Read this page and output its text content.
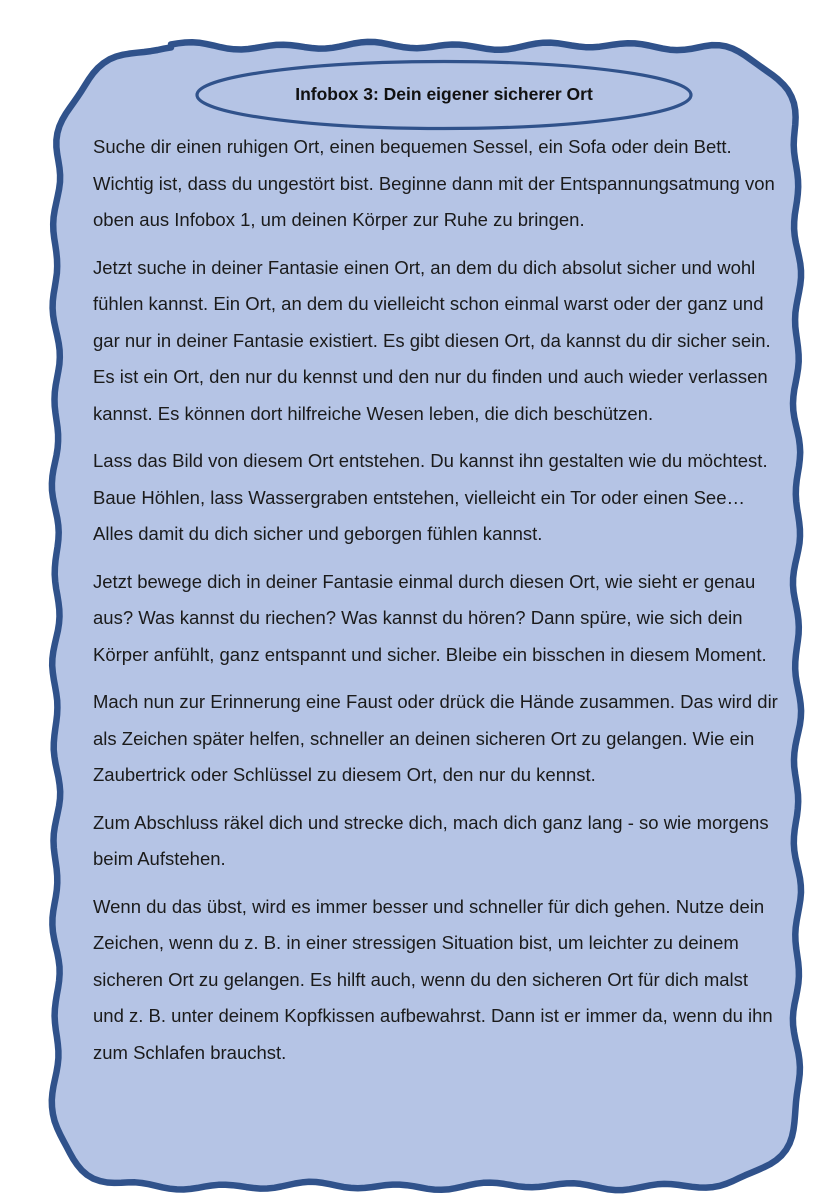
Infobox 3: Dein eigener sicherer Ort

Suche dir einen ruhigen Ort, einen bequemen Sessel, ein Sofa oder dein Bett. Wichtig ist, dass du ungestört bist. Beginne dann mit der Entspannungsatmung von oben aus Infobox 1, um deinen Körper zur Ruhe zu bringen.

Jetzt suche in deiner Fantasie einen Ort, an dem du dich absolut sicher und wohl fühlen kannst. Ein Ort, an dem du vielleicht schon einmal warst oder der ganz und gar nur in deiner Fantasie existiert. Es gibt diesen Ort, da kannst du dir sicher sein. Es ist ein Ort, den nur du kennst und den nur du finden und auch wieder verlassen kannst. Es können dort hilfreiche Wesen leben, die dich beschützen.

Lass das Bild von diesem Ort entstehen. Du kannst ihn gestalten wie du möchtest. Baue Höhlen, lass Wassergraben entstehen, vielleicht ein Tor oder einen See… Alles damit du dich sicher und geborgen fühlen kannst.

Jetzt bewege dich in deiner Fantasie einmal durch diesen Ort, wie sieht er genau aus? Was kannst du riechen? Was kannst du hören? Dann spüre, wie sich dein Körper anfühlt, ganz entspannt und sicher. Bleibe ein bisschen in diesem Moment.

Mach nun zur Erinnerung eine Faust oder drück die Hände zusammen. Das wird dir als Zeichen später helfen, schneller an deinen sicheren Ort zu gelangen. Wie ein Zaubertrick oder Schlüssel zu diesem Ort, den nur du kennst.

Zum Abschluss räkel dich und strecke dich, mach dich ganz lang - so wie morgens beim Aufstehen.

Wenn du das übst, wird es immer besser und schneller für dich gehen. Nutze dein Zeichen, wenn du z. B. in einer stressigen Situation bist, um leichter zu deinem sicheren Ort zu gelangen. Es hilft auch, wenn du den sicheren Ort für dich malst und z. B. unter deinem Kopfkissen aufbewahrst. Dann ist er immer da, wenn du ihn zum Schlafen brauchst.
